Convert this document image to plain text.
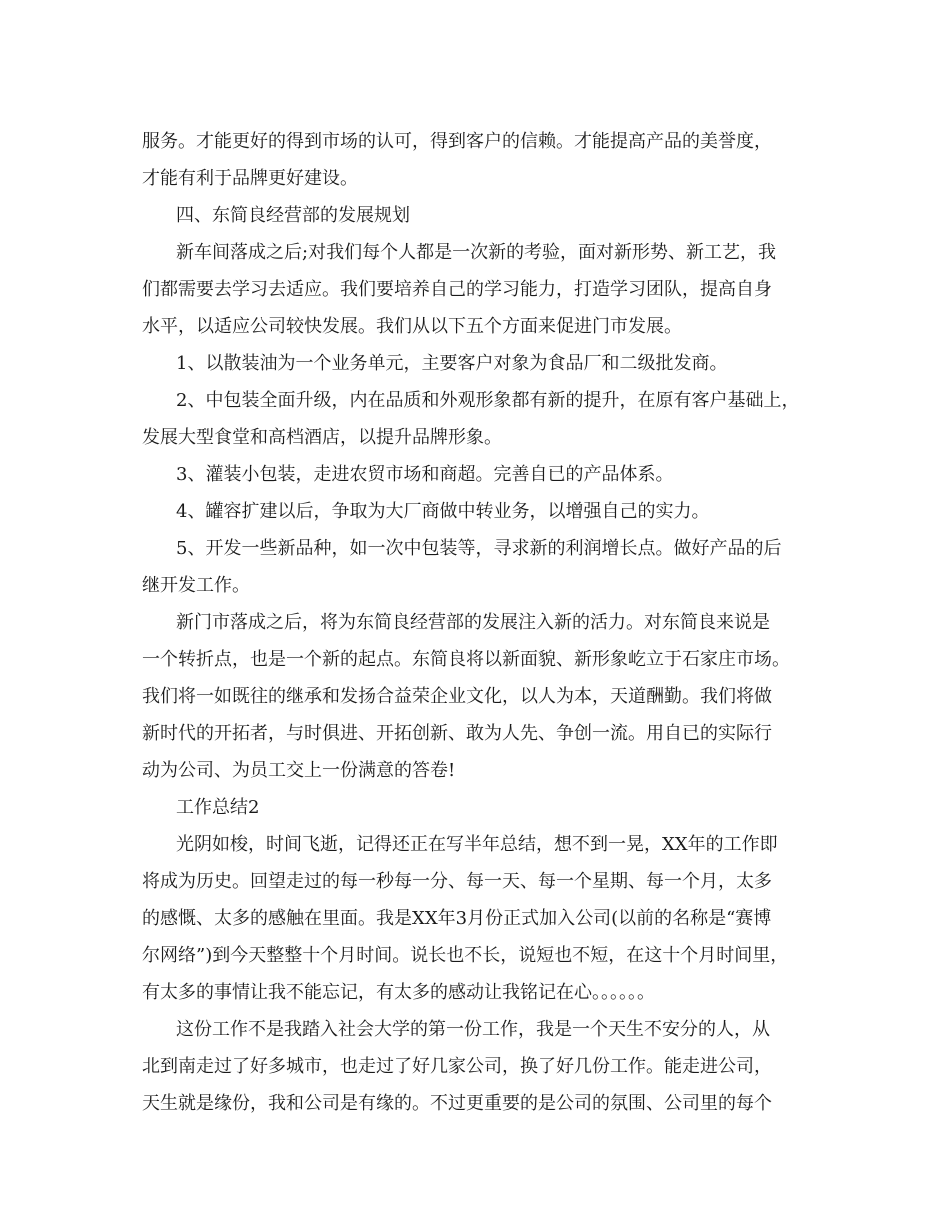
服务。才能更好的得到市场的认可，得到客户的信赖。才能提高产品的美誉度，
才能有利于品牌更好建设。
四、东简良经营部的发展规划
新车间落成之后;对我们每个人都是一次新的考验，面对新形势、新工艺，我
们都需要去学习去适应。我们要培养自己的学习能力，打造学习团队，提高自身
水平，以适应公司较快发展。我们从以下五个方面来促进门市发展。
1、以散装油为一个业务单元，主要客户对象为食品厂和二级批发商。
2、中包装全面升级，内在品质和外观形象都有新的提升，在原有客户基础上，
发展大型食堂和高档酒店，以提升品牌形象。
3、灌装小包装，走进农贸市场和商超。完善自已的产品体系。
4、罐容扩建以后，争取为大厂商做中转业务，以增强自己的实力。
5、开发一些新品种，如一次中包装等，寻求新的利润增长点。做好产品的后
继开发工作。
新门市落成之后，将为东简良经营部的发展注入新的活力。对东简良来说是
一个转折点，也是一个新的起点。东简良将以新面貌、新形象屹立于石家庄市场。
我们将一如既往的继承和发扬合益荣企业文化，以人为本，天道酬勤。我们将做
新时代的开拓者，与时俱进、开拓创新、敢为人先、争创一流。用自已的实际行
动为公司、为员工交上一份满意的答卷!
工作总结2
光阴如梭，时间飞逝，记得还正在写半年总结，想不到一晃，XX年的工作即
将成为历史。回望走过的每一秒每一分、每一天、每一个星期、每一个月，太多
的感慨、太多的感触在里面。我是XX年3月份正式加入公司(以前的名称是“赛博
尔网络”)到今天整整十个月时间。说长也不长，说短也不短，在这十个月时间里，
有太多的事情让我不能忘记，有太多的感动让我铭记在心。。。。。。
这份工作不是我踏入社会大学的第一份工作，我是一个天生不安分的人，从
北到南走过了好多城市，也走过了好几家公司，换了好几份工作。能走进公司，
天生就是缘份，我和公司是有缘的。不过更重要的是公司的氛围、公司里的每个
